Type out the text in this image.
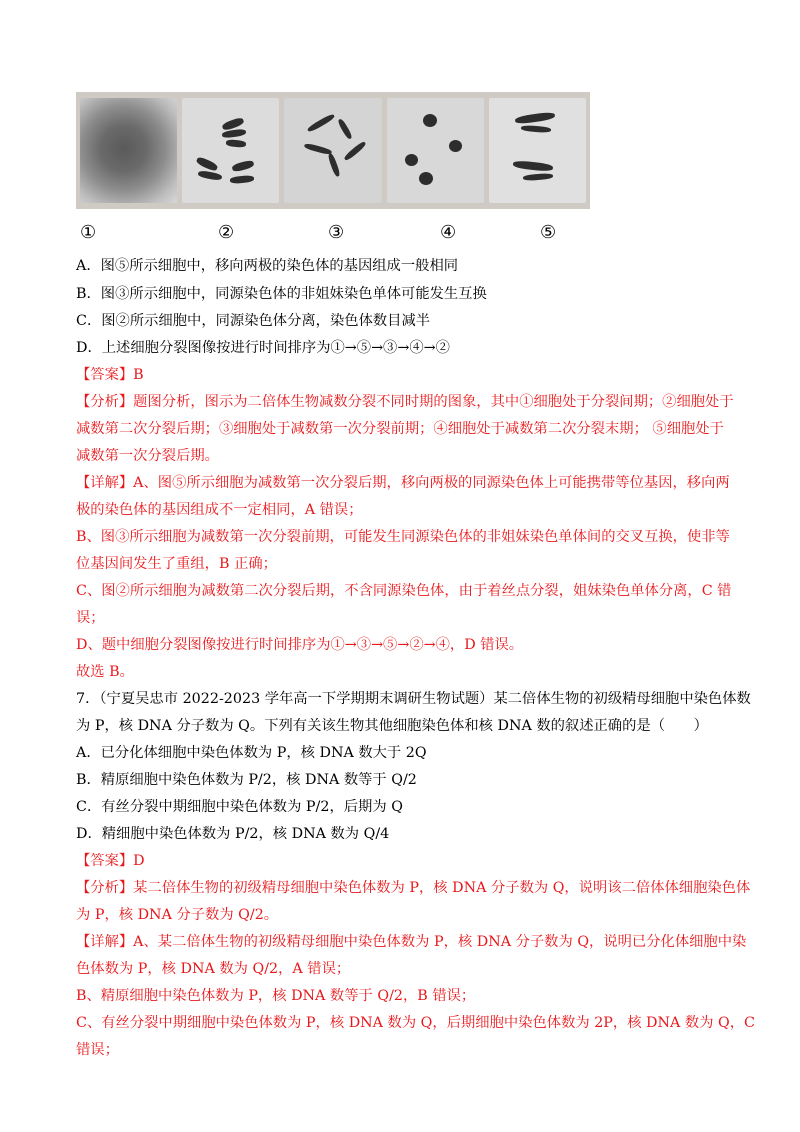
①	②	③	④	⑤
A．图⑤所示细胞中，移向两极的染色体的基因组成一般相同
B．图③所示细胞中，同源染色体的非姐妹染色单体可能发生互换
C．图②所示细胞中，同源染色体分离，染色体数目减半
D．上述细胞分裂图像按进行时间排序为①→⑤→③→④→②
【答案】B
【分析】题图分析，图示为二倍体生物减数分裂不同时期的图象，其中①细胞处于分裂间期；②细胞处于
减数第二次分裂后期；③细胞处于减数第一次分裂前期；④细胞处于减数第二次分裂末期； ⑤细胞处于
减数第一次分裂后期。
【详解】A、图⑤所示细胞为减数第一次分裂后期，移向两极的同源染色体上可能携带等位基因，移向两
极的染色体的基因组成不一定相同，A 错误；
B、图③所示细胞为减数第一次分裂前期，可能发生同源染色体的非姐妹染色单体间的交叉互换，使非等
位基因间发生了重组，B 正确；
C、图②所示细胞为减数第二次分裂后期，不含同源染色体，由于着丝点分裂，姐妹染色单体分离，C 错
误；
D、题中细胞分裂图像按进行时间排序为①→③→⑤→②→④，D 错误。
故选 B。
7．（宁夏吴忠市 2022-2023 学年高一下学期期末调研生物试题）某二倍体生物的初级精母细胞中染色体数
为 P，核 DNA 分子数为 Q。下列有关该生物其他细胞染色体和核 DNA 数的叙述正确的是（　　）
A．已分化体细胞中染色体数为 P，核 DNA 数大于 2Q
B．精原细胞中染色体数为 P/2，核 DNA 数等于 Q/2
C．有丝分裂中期细胞中染色体数为 P/2，后期为 Q
D．精细胞中染色体数为 P/2，核 DNA 数为 Q/4
【答案】D
【分析】某二倍体生物的初级精母细胞中染色体数为 P，核 DNA 分子数为 Q，说明该二倍体体细胞染色体
为 P，核 DNA 分子数为 Q/2。
【详解】A、某二倍体生物的初级精母细胞中染色体数为 P，核 DNA 分子数为 Q，说明已分化体细胞中染
色体数为 P，核 DNA 数为 Q/2，A 错误；
B、精原细胞中染色体数为 P，核 DNA 数等于 Q/2，B 错误；
C、有丝分裂中期细胞中染色体数为 P，核 DNA 数为 Q，后期细胞中染色体数为 2P，核 DNA 数为 Q，C
错误；
